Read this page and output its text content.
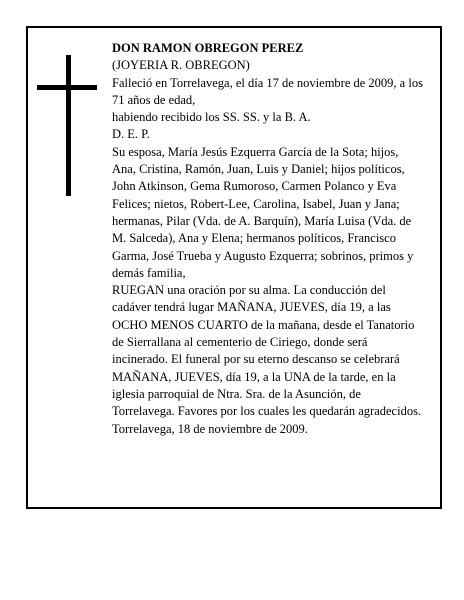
DON RAMON OBREGON PEREZ

(JOYERIA R. OBREGON)

Falleció en Torrelavega, el día 17 de noviembre de 2009, a los 71 años de edad,

habiendo recibido los SS. SS. y la B. A.

D. E. P.

Su esposa, María Jesús Ezquerra García de la Sota; hijos, Ana, Cristina, Ramón, Juan, Luis y Daniel; hijos políticos, John Atkinson, Gema Rumoroso, Carmen Polanco y Eva Felices; nietos, Robert-Lee, Carolina, Isabel, Juan y Jana; hermanas, Pilar (Vda. de A. Barquín), María Luisa (Vda. de M. Salceda), Ana y Elena; hermanos políticos, Francisco Garma, José Trueba y Augusto Ezquerra; sobrinos, primos y demás familia,

RUEGAN una oración por su alma. La conducción del cadáver tendrá lugar MAÑANA, JUEVES, día 19, a las OCHO MENOS CUARTO de la mañana, desde el Tanatorio de Sierrallana al cementerio de Ciriego, donde será incinerado. El funeral por su eterno descanso se celebrará MAÑANA, JUEVES, día 19, a la UNA de la tarde, en la iglesia parroquial de Ntra. Sra. de la Asunción, de Torrelavega. Favores por los cuales les quedarán agradecidos.

Torrelavega, 18 de noviembre de 2009.
